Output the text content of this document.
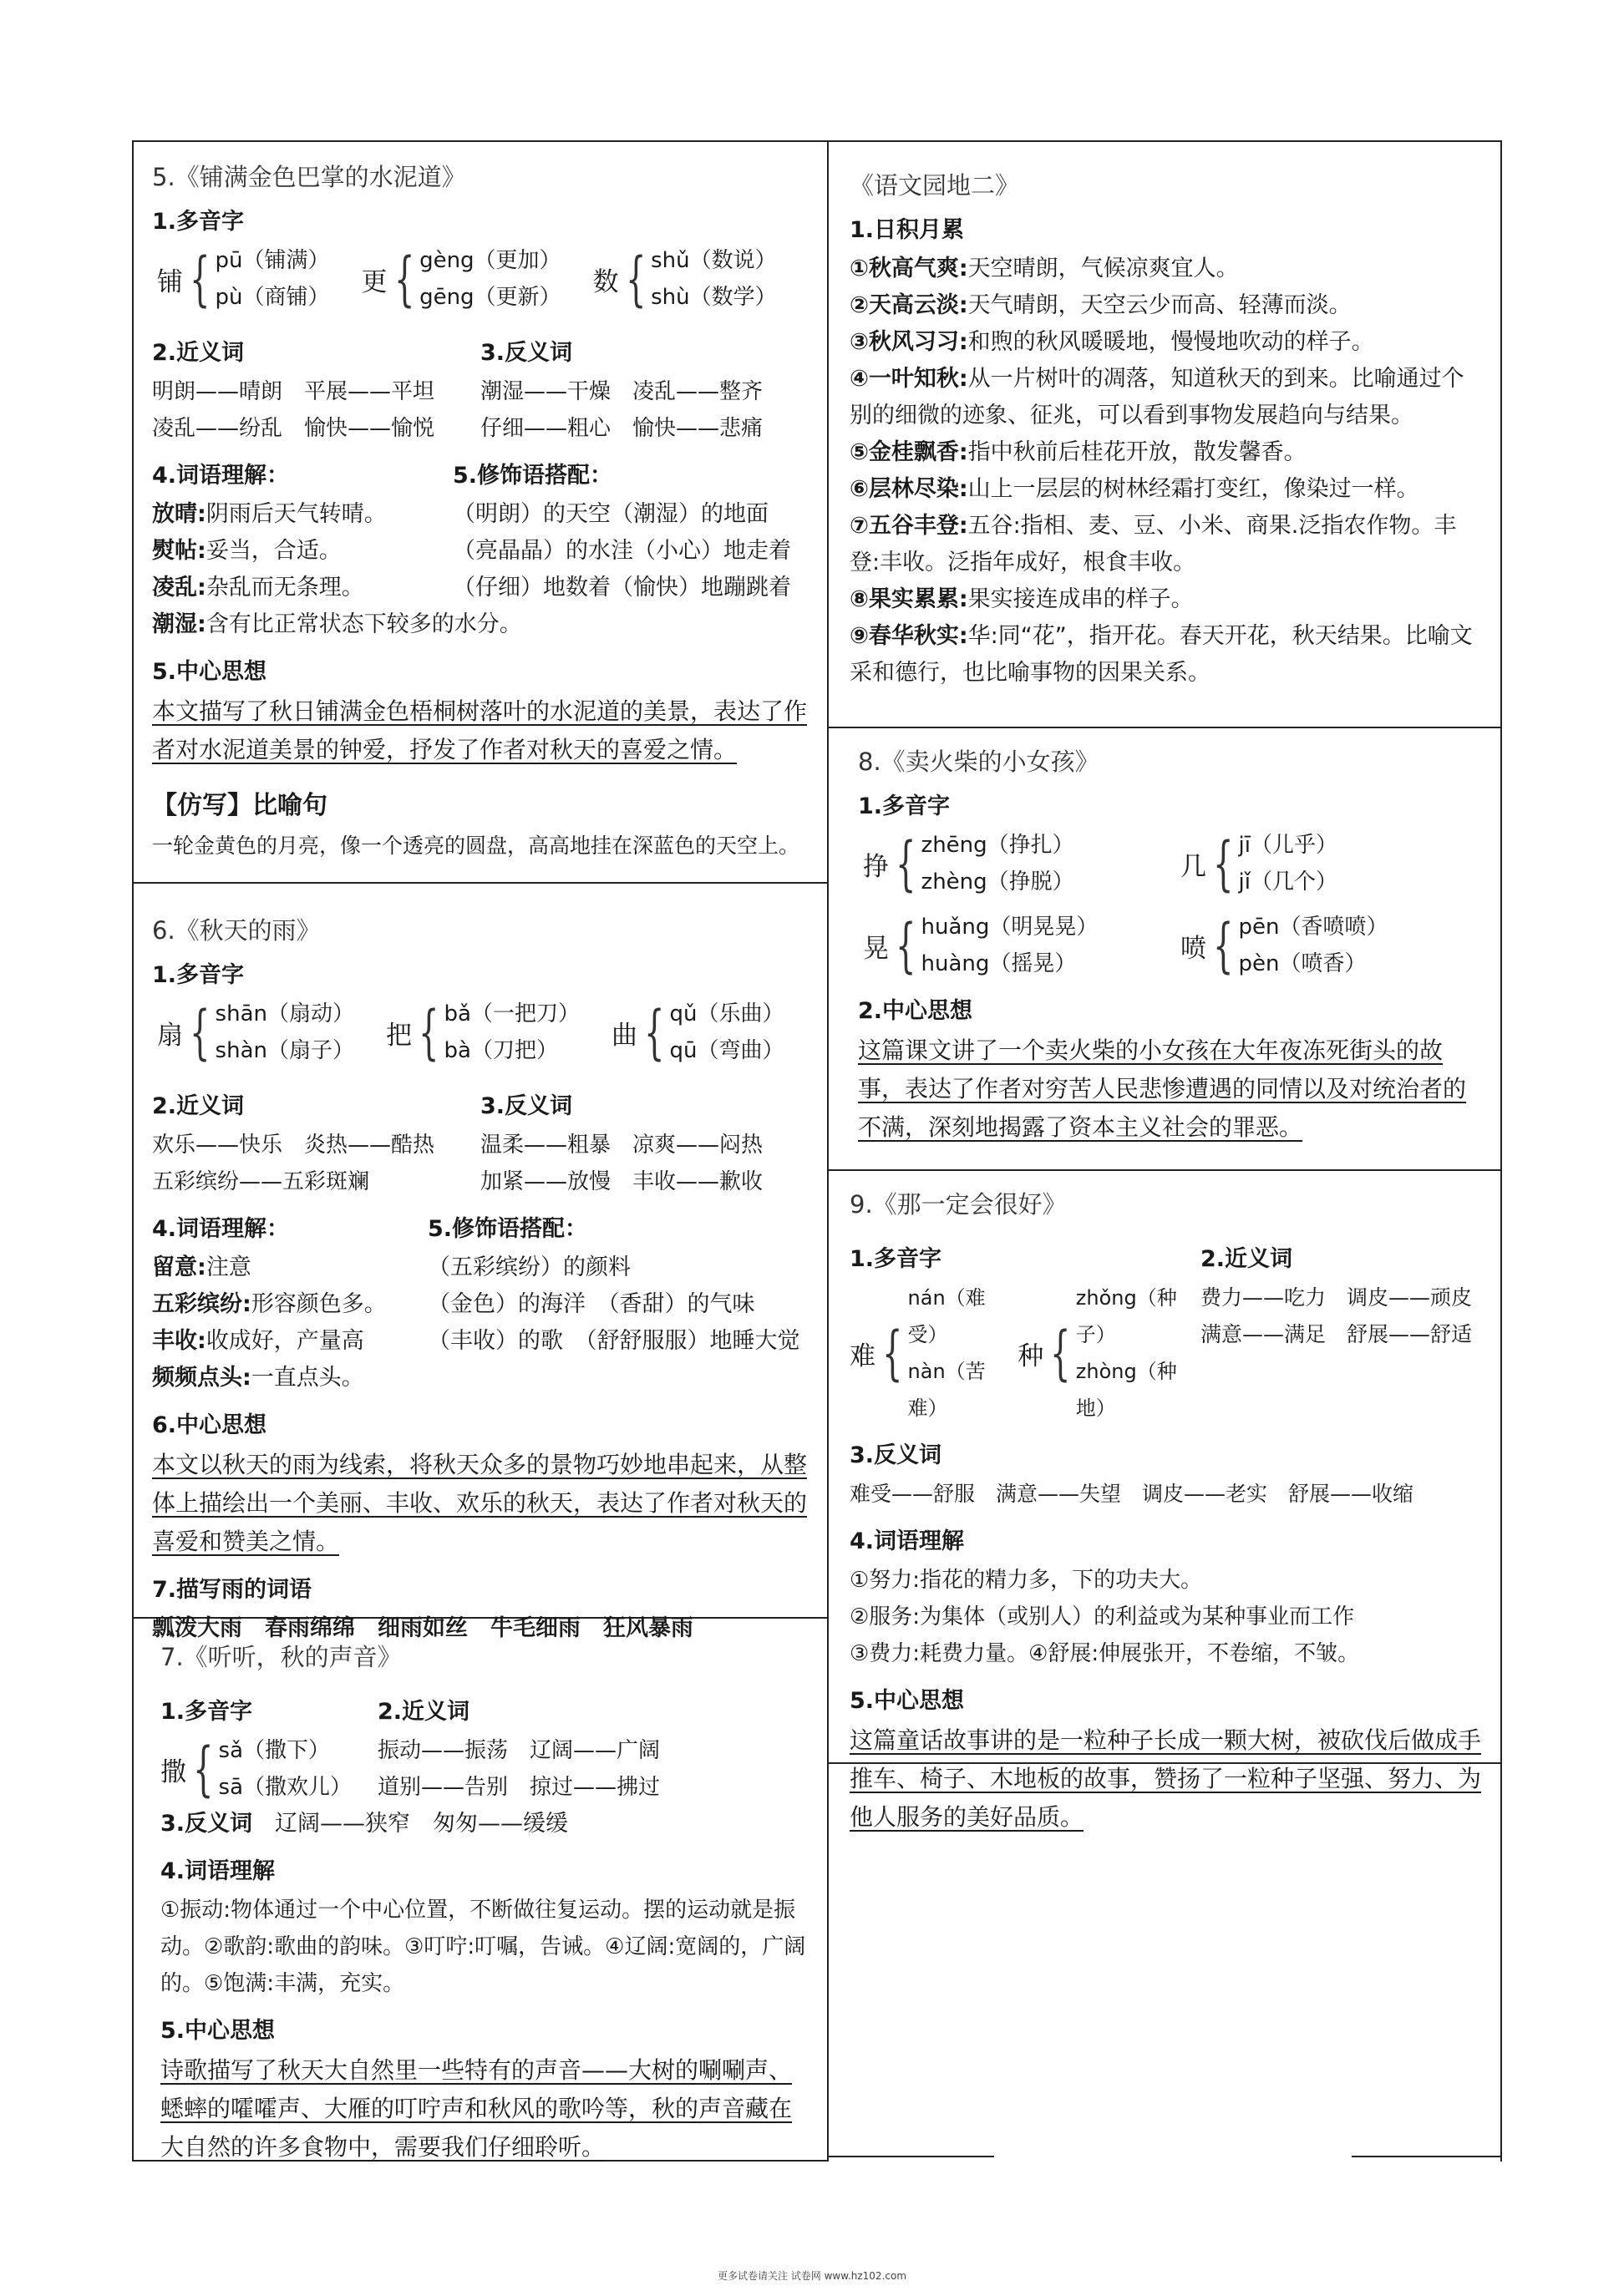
5.《铺满金色巴掌的水泥道》
1.多音字
铺 { pū（铺满）
pù（商铺）
更 { gèng（更加）
gēng（更新）
数 { shǔ（数说）
shù（数学）
2.近义词
明朗——晴朗　平展——平坦
凌乱——纷乱　愉快——愉悦
3.反义词
潮湿——干燥　凌乱——整齐
仔细——粗心　愉快——悲痛
4.词语理解：

放晴:阴雨后天气转晴。

熨帖:妥当，合适。

凌乱:杂乱而无条理。

5.修饰语搭配：

（明朗）的天空（潮湿）的地面

（亮晶晶）的水洼（小心）地走着

（仔细）地数着（愉快）地蹦跳着

潮湿:含有比正常状态下较多的水分。

5.中心思想

本文描写了秋日铺满金色梧桐树落叶的水泥道的美景，表达了作者对水泥道美景的钟爱，抒发了作者对秋天的喜爱之情。

【仿写】比喻句

一轮金黄色的月亮，像一个透亮的圆盘，高高地挂在深蓝色的天空上。

6.《秋天的雨》
1.多音字
扇 { shān（扇动）
shàn（扇子）
把 { bǎ（一把刀）
bà（刀把）
曲 { qǔ（乐曲）
qū（弯曲）
2.近义词
欢乐——快乐　炎热——酷热
五彩缤纷——五彩斑斓
3.反义词
温柔——粗暴　凉爽——闷热
加紧——放慢　丰收——歉收
4.词语理解：

留意:注意

五彩缤纷:形容颜色多。

丰收:收成好，产量高

频频点头:一直点头。

5.修饰语搭配：

（五彩缤纷）的颜料

（金色）的海洋　（香甜）的气味

（丰收）的歌　（舒舒服服）地睡大觉

6.中心思想

本文以秋天的雨为线索，将秋天众多的景物巧妙地串起来，从整体上描绘出一个美丽、丰收、欢乐的秋天，表达了作者对秋天的喜爱和赞美之情。

7.描写雨的词语

瓢泼大雨　春雨绵绵　细雨如丝　牛毛细雨　狂风暴雨

7.《听听，秋的声音》
1.多音字
撒 { sǎ（撒下）
sā（撒欢儿）
2.近义词
振动——振荡　辽阔——广阔
道别——告别　掠过——拂过

3.反义词　 辽阔——狭窄　匆匆——缓缓

4.词语理解

①振动:物体通过一个中心位置，不断做往复运动。摆的运动就是振动。②歌韵:歌曲的韵味。③叮咛:叮嘱，告诫。④辽阔:宽阔的，广阔的。⑤饱满:丰满，充实。

5.中心思想

诗歌描写了秋天大自然里一些特有的声音——大树的唰唰声、蟋蟀的嚯嚯声、大雁的叮咛声和秋风的歌吟等，秋的声音藏在大自然的许多食物中，需要我们仔细聆听。

《语文园地二》
1.日积月累

①秋高气爽:天空晴朗，气候凉爽宜人。

②天高云淡:天气晴朗，天空云少而高、轻薄而淡。

③秋风习习:和煦的秋风暖暖地，慢慢地吹动的样子。

④一叶知秋:从一片树叶的凋落，知道秋天的到来。比喻通过个别的细微的迹象、征兆，可以看到事物发展趋向与结果。

⑤金桂飘香:指中秋前后桂花开放，散发馨香。

⑥层林尽染:山上一层层的树林经霜打变红，像染过一样。

⑦五谷丰登:五谷:指相、麦、豆、小米、商果.泛指农作物。丰登:丰收。泛指年成好，根食丰收。

⑧果实累累:果实接连成串的样子。

⑨春华秋实:华:同“花”，指开花。春天开花，秋天结果。比喻文采和德行，也比喻事物的因果关系。

8.《卖火柴的小女孩》
1.多音字
挣 { zhēng（挣扎）
zhèng（挣脱）
几 { jī（儿乎）
jǐ（几个）
晃 { huǎng（明晃晃）
huàng（摇晃）
喷 { pēn（香喷喷）
pèn（喷香）
2.中心思想

这篇课文讲了一个卖火柴的小女孩在大年夜冻死街头的故事，表达了作者对穷苦人民悲惨遭遇的同情以及对统治者的不满，深刻地揭露了资本主义社会的罪恶。

9.《那一定会很好》
1.多音字
难 {
nán（难受）
nàn（苦难）
种 {
zhǒng（种子）
zhòng（种地）
2.近义词
费力——吃力　调皮——顽皮
满意——满足　舒展——舒适
3.反义词

难受——舒服　满意——失望　调皮——老实　舒展——收缩

4.词语理解

①努力:指花的精力多，下的功夫大。

②服务:为集体（或别人）的利益或为某种事业而工作

③费力:耗费力量。④舒展:伸展张开，不卷缩，不皱。

5.中心思想

这篇童话故事讲的是一粒种子长成一颗大树，被砍伐后做成手推车、椅子、木地板的故事，赞扬了一粒种子坚强、努力、为他人服务的美好品质。

更多试卷请关注 试卷网 www.hz102.com
